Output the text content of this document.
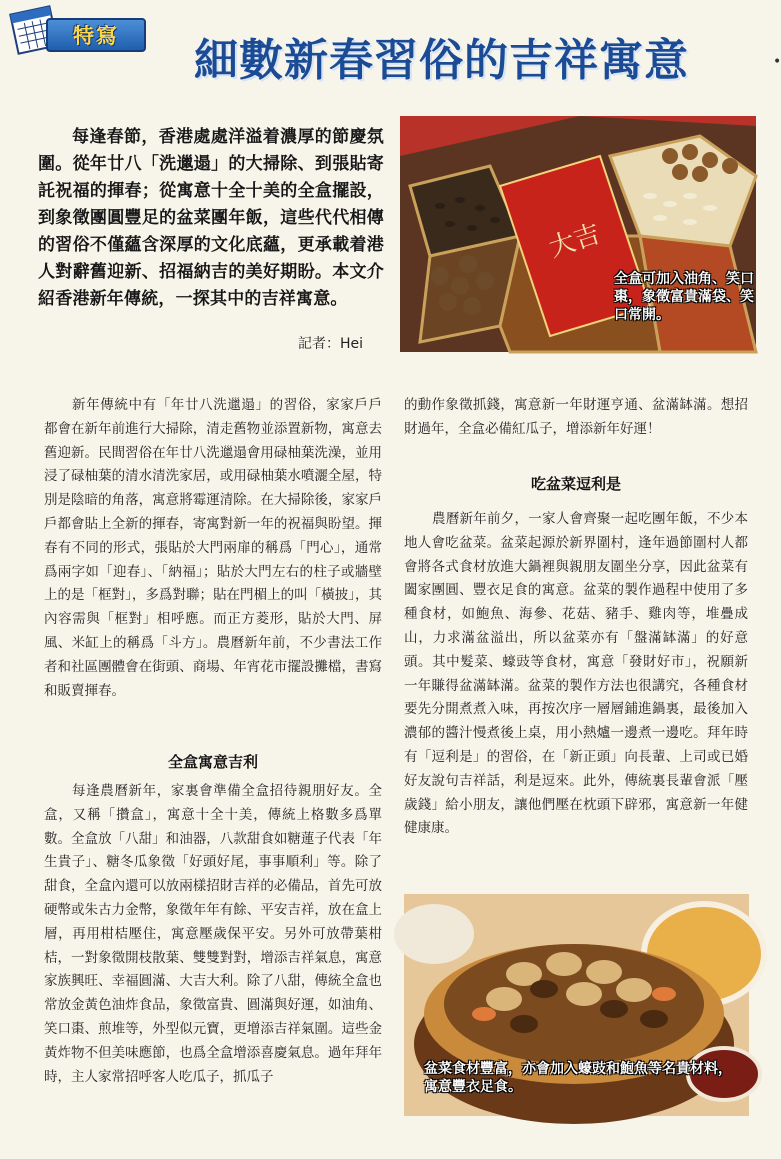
特寫 細數新春習俗的吉祥寓意	•

每逢春節，香港處處洋溢着濃厚的節慶氛圍。從年廿八「洗邋遢」的大掃除、到張貼寄託祝福的揮春；從寓意十全十美的全盒擺設，到象徵團圓豐足的盆菜團年飯，這些代代相傳的習俗不僅蘊含深厚的文化底蘊，更承載着港人對辭舊迎新、招福納吉的美好期盼。本文介紹香港新年傳統，一探其中的吉祥寓意。

記者：Hei
大吉
全盒可加入油角、笑口棗，象徵富貴滿袋、笑口常開。

新年傳統中有「年廿八洗邋遢」的習俗，家家戶戶都會在新年前進行大掃除，清走舊物並添置新物，寓意去舊迎新。民間習俗在年廿八洗邋遢會用碌柚葉洗澡，並用浸了碌柚葉的清水清洗家居，或用碌柚葉水噴灑全屋，特別是陰暗的角落，寓意將霉運清除。在大掃除後，家家戶戶都會貼上全新的揮春，寄寓對新一年的祝福與盼望。揮春有不同的形式，張貼於大門兩扉的稱爲「門心」，通常爲兩字如「迎春」、「納福」；貼於大門左右的柱子或牆壁上的是「框對」，多爲對聯；貼在門楣上的叫「橫披」，其內容需與「框對」相呼應。而正方菱形，貼於大門、屏風、米缸上的稱爲「斗方」。農曆新年前，不少書法工作者和社區團體會在街頭、商場、年宵花市擺設攤檔，書寫和販賣揮春。

全盒寓意吉利

每逢農曆新年，家裏會準備全盒招待親朋好友。全盒，又稱「攢盒」，寓意十全十美，傳統上格數多爲單數。全盒放「八甜」和油器，八款甜食如糖蓮子代表「年生貴子」、糖冬瓜象徵「好頭好尾，事事順利」等。除了甜食，全盒內還可以放兩樣招財吉祥的必備品，首先可放硬幣或朱古力金幣，象徵年年有餘、平安吉祥，放在盒上層，再用柑桔壓住，寓意壓歲保平安。另外可放帶葉柑桔，一對象徵開枝散葉、雙雙對對，增添吉祥氣息，寓意家族興旺、幸福圓滿、大吉大利。除了八甜，傳統全盒也常放金黃色油炸食品，象徵富貴、圓滿與好運，如油角、笑口棗、煎堆等，外型似元寶，更增添吉祥氣圍。這些金黃炸物不但美味應節，也爲全盒增添喜慶氣息。過年拜年時，主人家常招呼客人吃瓜子，抓瓜子

的動作象徵抓錢，寓意新一年財運亨通、盆滿缽滿。想招財過年，全盒必備紅瓜子，增添新年好運！

吃盆菜逗利是

農曆新年前夕，一家人會齊聚一起吃團年飯，不少本地人會吃盆菜。盆菜起源於新界圍村，逢年過節圍村人都會將各式食材放進大鍋裡與親朋友圍坐分享，因此盆菜有闔家團圓、豐衣足食的寓意。盆菜的製作過程中使用了多種食材，如鮑魚、海參、花菇、豬手、雞肉等，堆疊成山，力求滿盆溢出，所以盆菜亦有「盤滿缽滿」的好意頭。其中髮菜、蠔豉等食材，寓意「發財好市」，祝願新一年賺得盆滿缽滿。盆菜的製作方法也很講究，各種食材要先分開煮煮入味，再按次序一層層鋪進鍋裏，最後加入濃郁的醬汁慢煮後上桌，用小熱爐一邊煮一邊吃。拜年時有「逗利是」的習俗，在「新正頭」向長輩、上司或已婚好友說句吉祥話，利是逗來。此外，傳統裏長輩會派「壓歲錢」給小朋友，讓他們壓在枕頭下辟邪，寓意新一年健健康康。

盆菜食材豐富，亦會加入蠔豉和鮑魚等名貴材料，寓意豐衣足食。
